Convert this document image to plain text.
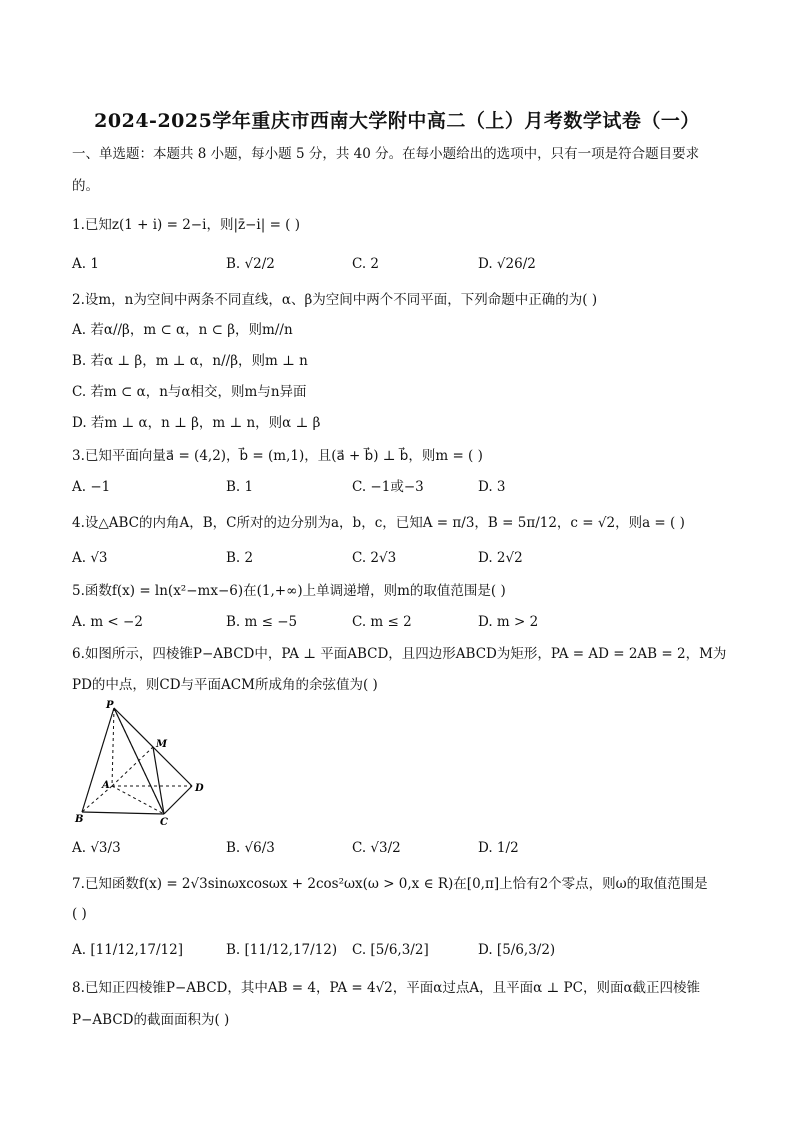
2024-2025学年重庆市西南大学附中高二（上）月考数学试卷（一）
一、单选题：本题共 8 小题，每小题 5 分，共 40 分。在每小题给出的选项中，只有一项是符合题目要求
的。
1.已知z(1 + i) = 2−i，则|z̄−i| = ( )
A. 1	B. √2/2	C. 2	D. √26/2
2.设m，n为空间中两条不同直线，α、β为空间中两个不同平面，下列命题中正确的为( )
A. 若α//β，m ⊂ α，n ⊂ β，则m//n
B. 若α ⊥ β，m ⊥ α，n//β，则m ⊥ n
C. 若m ⊂ α，n与α相交，则m与n异面
D. 若m ⊥ α，n ⊥ β，m ⊥ n，则α ⊥ β
3.已知平面向量a⃗ = (4,2)，b⃗ = (m,1)，且(a⃗ + b⃗) ⊥ b⃗，则m = ( )
A. −1	B. 1	C. −1或−3	D. 3
4.设△ABC的内角A，B，C所对的边分别为a，b，c，已知A = π/3，B = 5π/12，c = √2，则a = ( )
A. √3	B. 2	C. 2√3	D. 2√2
5.函数f(x) = ln(x²−mx−6)在(1,+∞)上单调递增，则m的取值范围是( )
A. m < −2	B. m ≤ −5	C. m ≤ 2	D. m > 2
6.如图所示，四棱锥P−ABCD中，PA ⊥ 平面ABCD，且四边形ABCD为矩形，PA = AD = 2AB = 2，M为
PD的中点，则CD与平面ACM所成角的余弦值为( )
P
M
A	D
B	C
A. √3/3	B. √6/3	C. √3/2	D. 1/2
7.已知函数f(x) = 2√3sinωxcosωx + 2cos²ωx(ω > 0,x ∈ R)在[0,π]上恰有2个零点，则ω的取值范围是
( )
A. [11/12,17/12]	B. [11/12,17/12) C. [5/6,3/2]	D. [5/6,3/2)
8.已知正四棱锥P−ABCD，其中AB = 4，PA = 4√2，平面α过点A，且平面α ⊥ PC，则面α截正四棱锥
P−ABCD的截面面积为( )
